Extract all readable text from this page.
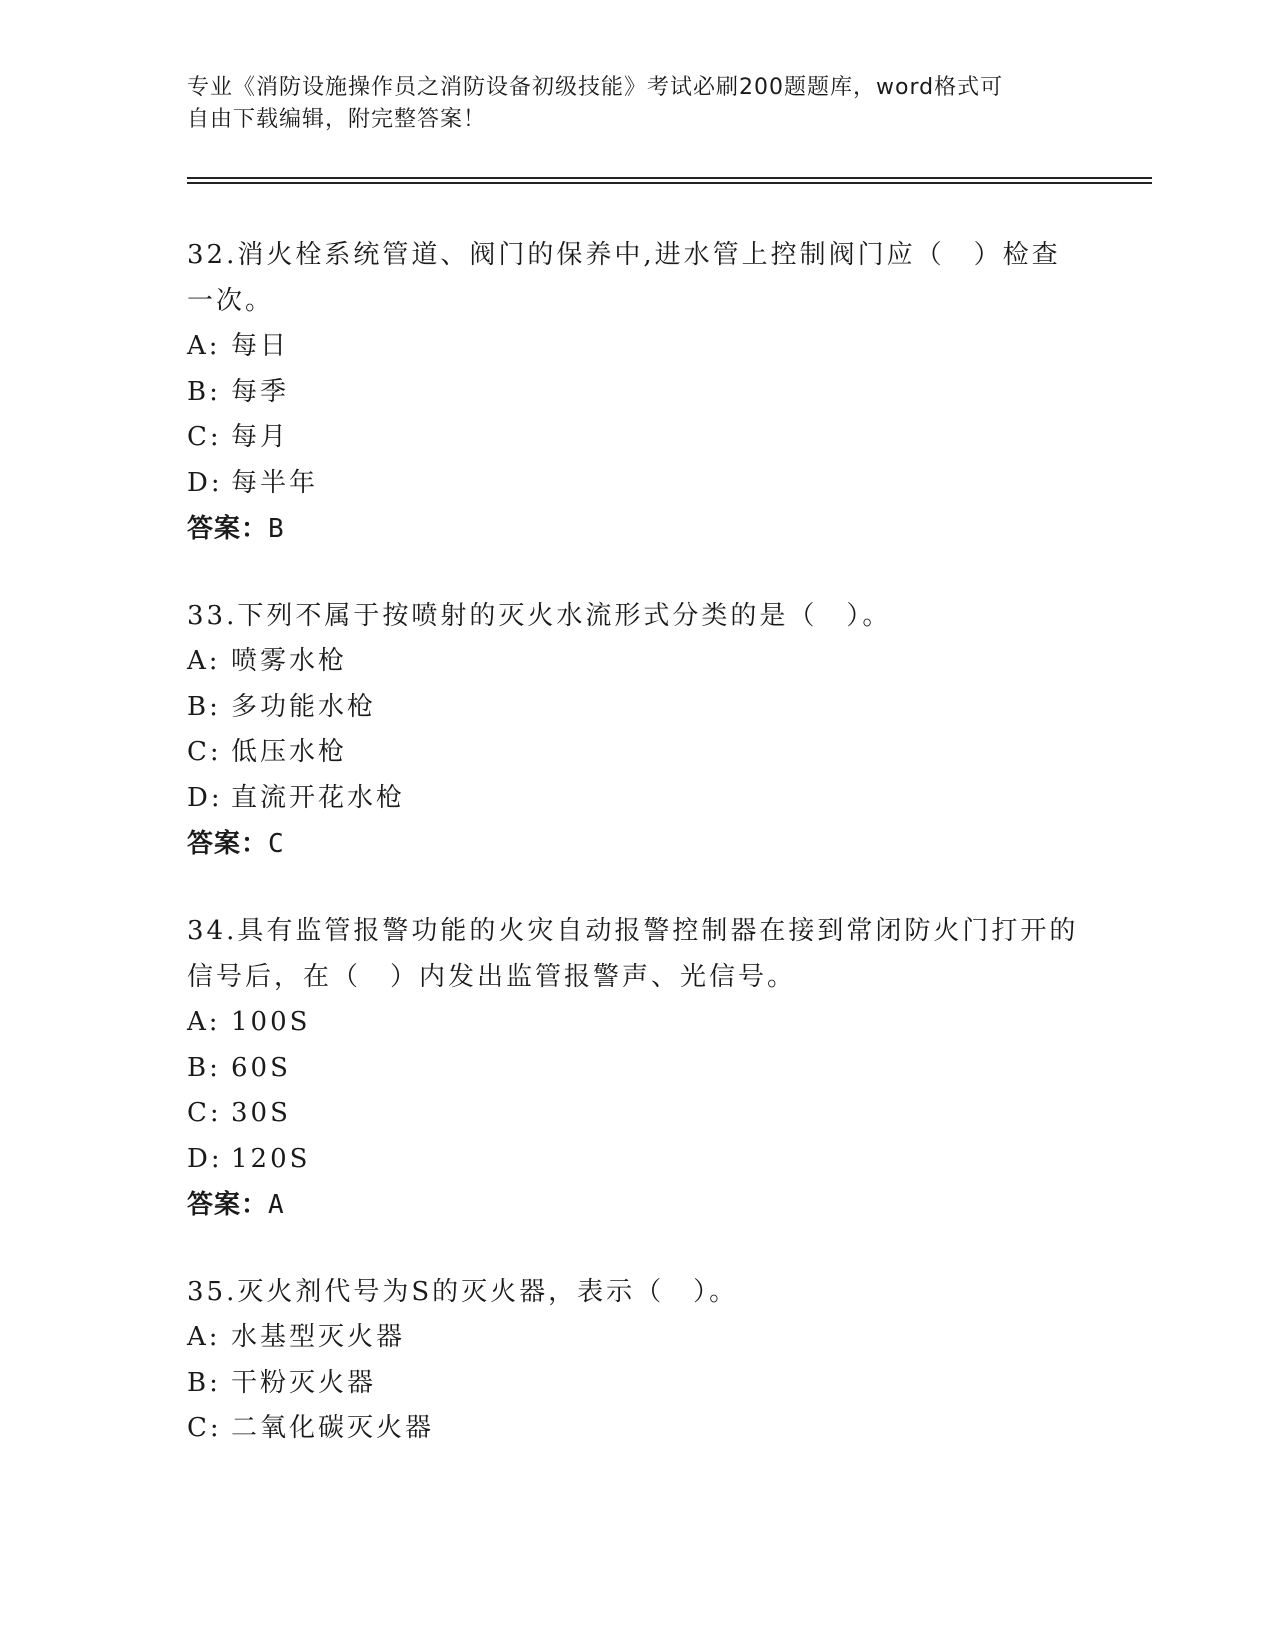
专业《消防设施操作员之消防设备初级技能》考试必刷200题题库，word格式可
自由下载编辑，附完整答案！

32.消火栓系统管道、阀门的保养中,进水管上控制阀门应（　）检查
一次。

A: 每日

B: 每季

C: 每月

D: 每半年

答案：B

33.下列不属于按喷射的灭火水流形式分类的是（　）。

A: 喷雾水枪

B: 多功能水枪

C: 低压水枪

D: 直流开花水枪

答案：C

34.具有监管报警功能的火灾自动报警控制器在接到常闭防火门打开的
信号后，在（　）内发出监管报警声、光信号。

A: 100S

B: 60S

C: 30S

D: 120S

答案：A

35.灭火剂代号为S的灭火器，表示（　）。

A: 水基型灭火器

B: 干粉灭火器

C: 二氧化碳灭火器
